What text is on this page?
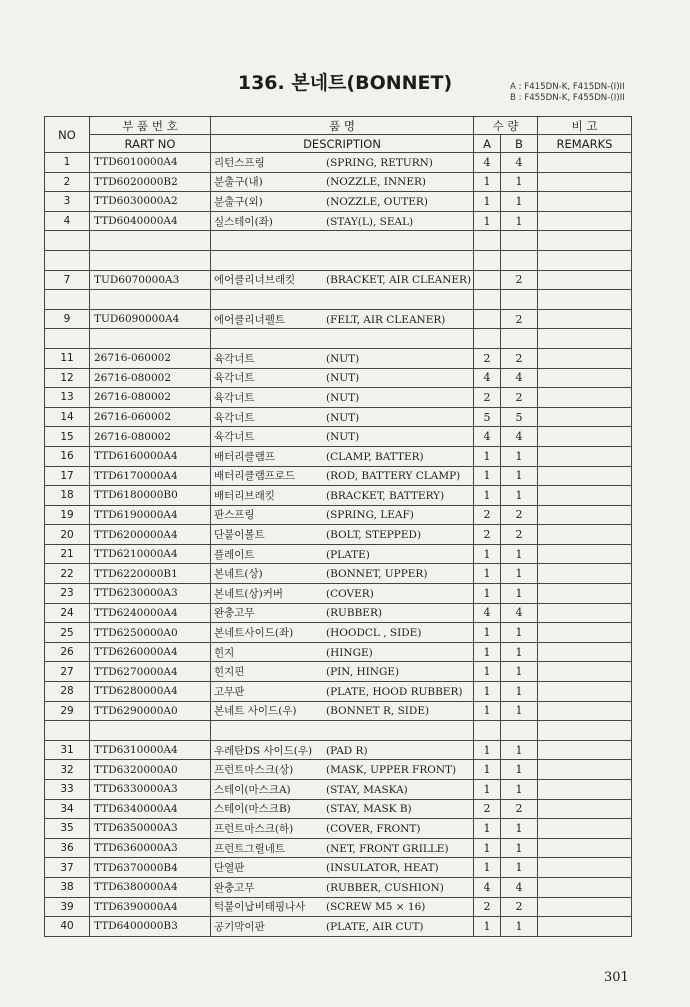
136. 본네트(BONNET)	A : F415DN-K, F415DN-(I)II
B : F455DN-K, F455DN-(I)II
NO	부 품 번 호	품 명	수 량		비 고
	RART NO	DESCRIPTION	A	B	REMARKS
1	TTD6010000A4	리턴스프링 (SPRING, RETURN)	4	4	
2	TTD6020000B2	분출구(내) (NOZZLE, INNER)	1	1	
3	TTD6030000A2	분출구(외) (NOZZLE, OUTER)	1	1	
4	TTD6040000A4	실스테이(좌) (STAY(L), SEAL)	1	1	

7	TUD6070000A3	에어클리너브래킷 (BRACKET, AIR CLEANER)		2	

9	TUD6090000A4	에어클리너펠트 (FELT, AIR CLEANER)		2	

11	26716-060002	육각너트 (NUT)	2	2	
12	26716-080002	육각너트 (NUT)	4	4	
13	26716-080002	육각너트 (NUT)	2	2	
14	26716-060002	육각너트 (NUT)	5	5	
15	26716-080002	육각너트 (NUT)	4	4	
16	TTD6160000A4	배터리클램프 (CLAMP, BATTER)	1	1	
17	TTD6170000A4	배터리클램프로드 (ROD, BATTERY CLAMP)	1	1	
18	TTD6180000B0	배터리브래킷 (BRACKET, BATTERY)	1	1	
19	TTD6190000A4	판스프링 (SPRING, LEAF)	2	2	
20	TTD6200000A4	단붙이볼트 (BOLT, STEPPED)	2	2	
21	TTD6210000A4	플레이트 (PLATE)	1	1	
22	TTD6220000B1	본네트(상) (BONNET, UPPER)	1	1	
23	TTD6230000A3	본네트(상)커버 (COVER)	1	1	
24	TTD6240000A4	완충고무 (RUBBER)	4	4	
25	TTD6250000A0	본네트사이드(좌) (HOODCL , SIDE)	1	1	
26	TTD6260000A4	힌지 (HINGE)	1	1	
27	TTD6270000A4	힌지핀 (PIN, HINGE)	1	1	
28	TTD6280000A4	고무판 (PLATE, HOOD RUBBER)	1	1	
29	TTD6290000A0	본네트 사이드(우) (BONNET R, SIDE)	1	1	

31	TTD6310000A4	우레탄DS 사이드(우) (PAD R)	1	1	
32	TTD6320000A0	프런트마스크(상) (MASK, UPPER FRONT)	1	1	
33	TTD6330000A3	스테이(마스크A) (STAY, MASKA)	1	1	
34	TTD6340000A4	스테이(마스크B) (STAY, MASK B)	2	2	
35	TTD6350000A3	프런트마스크(하) (COVER, FRONT)	1	1	
36	TTD6360000A3	프런트그릴네트 (NET, FRONT GRILLE)	1	1	
37	TTD6370000B4	단열판 (INSULATOR, HEAT)	1	1	
38	TTD6380000A4	완충고무 (RUBBER, CUSHION)	4	4	
39	TTD6390000A4	턱붙이납비태핑나사 (SCREW M5 × 16)	2	2	
40	TTD6400000B3	공기막이판 (PLATE, AIR CUT)	1	1	
301
